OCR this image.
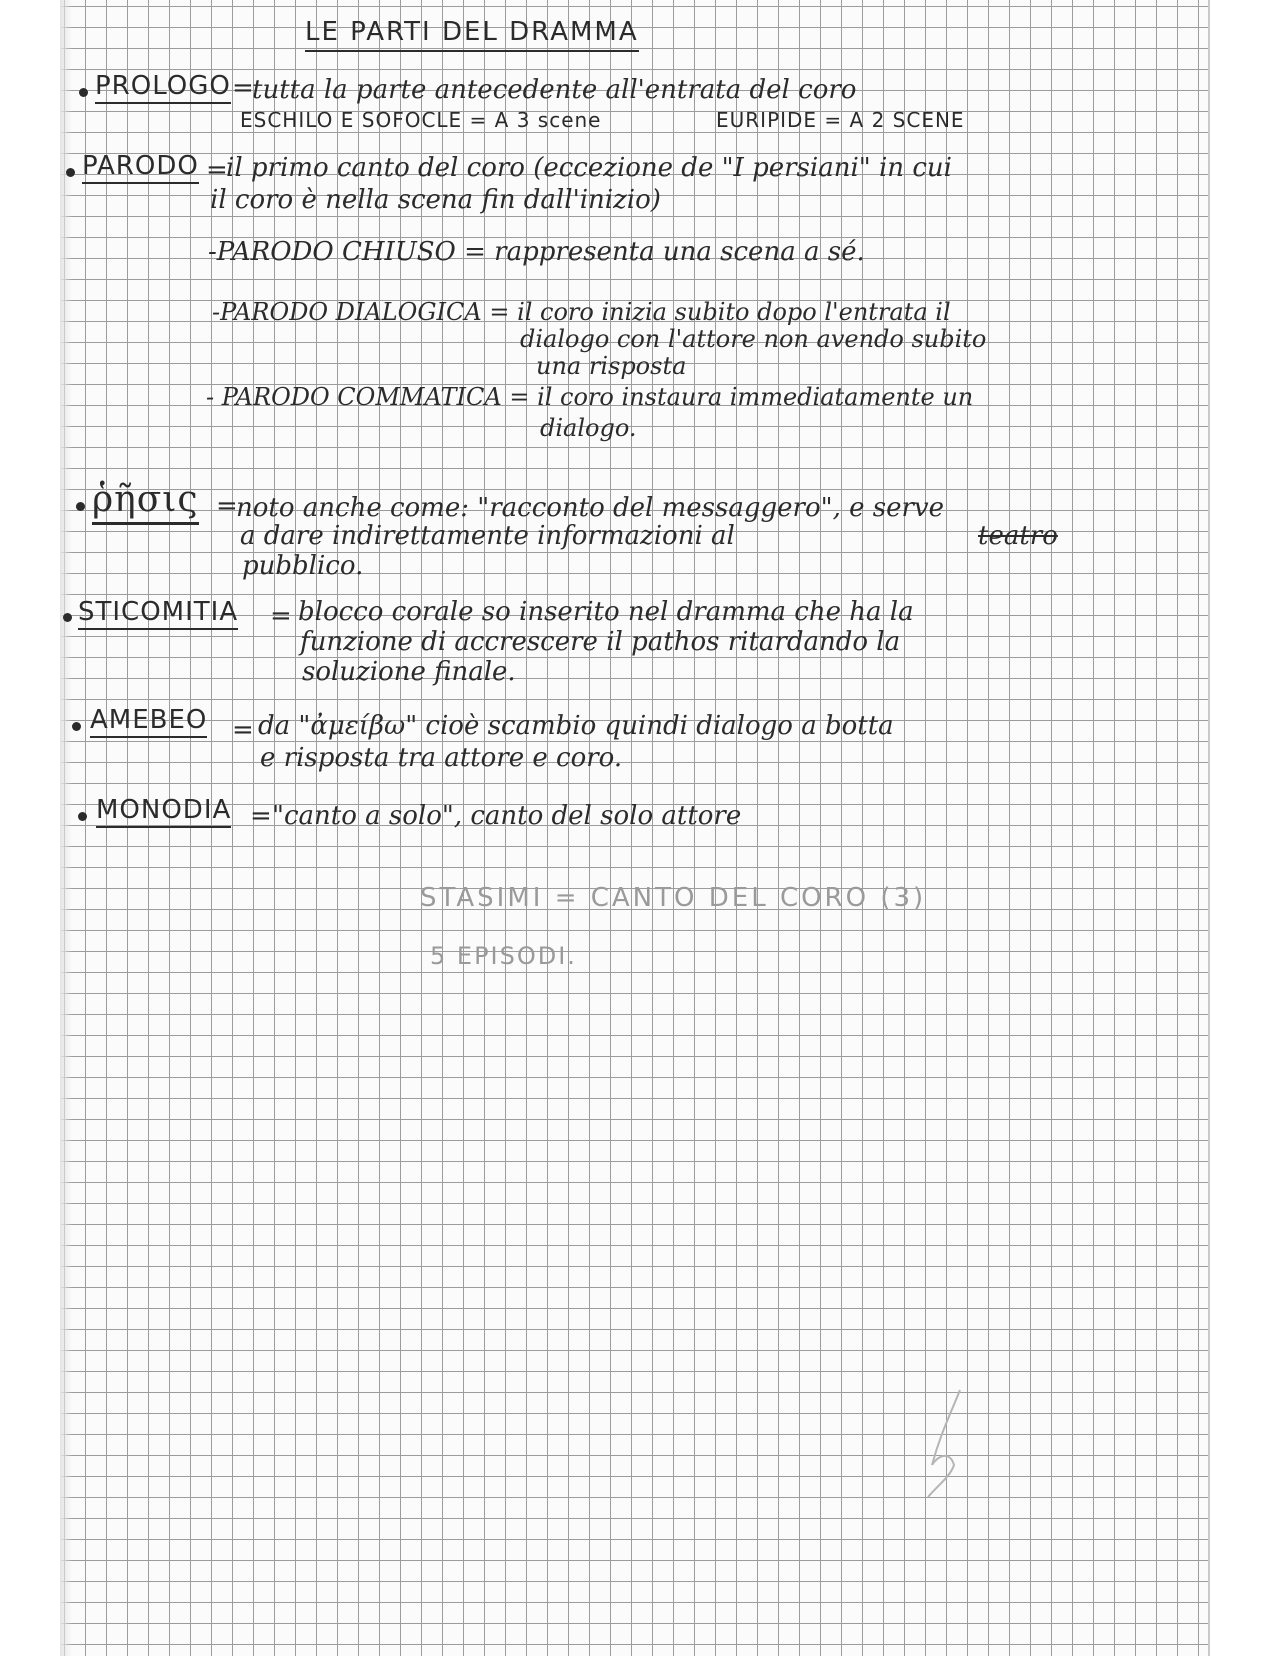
LE PARTI DEL DRAMMA

PROLOGO =

tutta la parte antecedente all'entrata del coro

ESCHILO E SOFOCLE = A 3 scene	EURIPIDE = A 2 SCENE

PARODO =

il primo canto del coro (eccezione de "I persiani" in cui

il coro è nella scena fin dall'inizio)

-PARODO CHIUSO = rappresenta una scena a sé.

-PARODO DIALOGICA = il coro inizia subito dopo l'entrata il

dialogo con l'attore non avendo subito

una risposta

- PARODO COMMATICA = il coro instaura immediatamente un

dialogo.

ῥῆσις =

noto anche come: "racconto del messaggero", e serve

a dare indirettamente informazioni al	teatro

pubblico.

STICOMITIA = blocco corale so inserito nel dramma che ha la

funzione di accrescere il pathos ritardando la

soluzione finale.

AMEBEO = da "ἀμείβω" cioè scambio quindi dialogo a botta

e risposta tra attore e coro.

MONODIA = "canto a solo", canto del solo attore

STASIMI = CANTO DEL CORO (3)

5 EPISODI.
